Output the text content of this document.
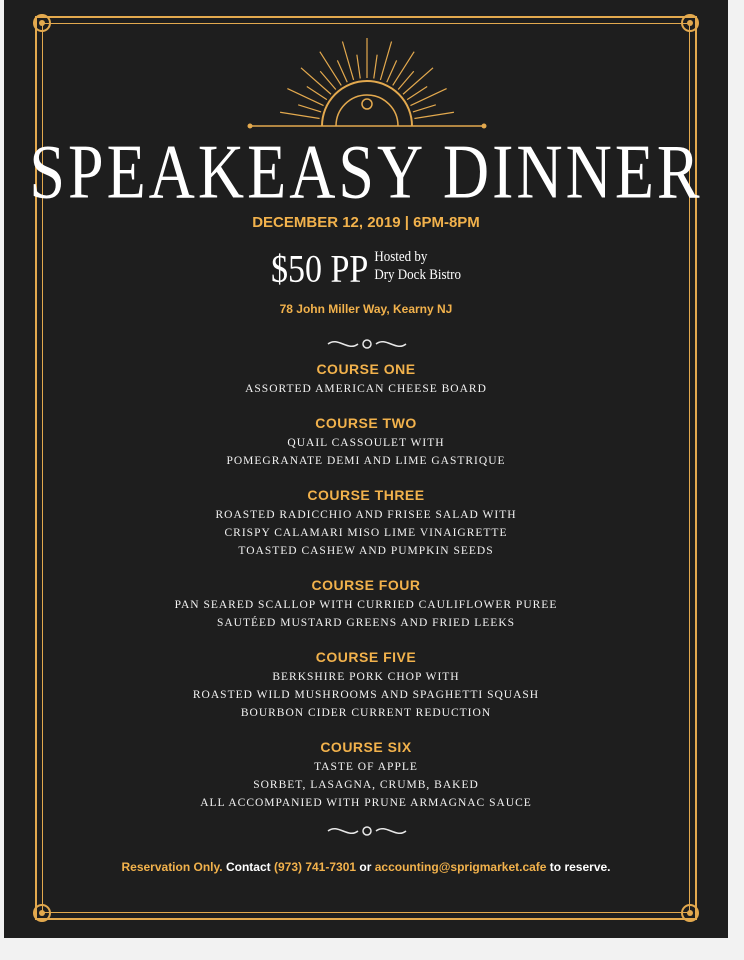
SPEAKEASY DINNER
DECEMBER 12, 2019 | 6PM-8PM
$50 PP Hosted by
Dry Dock Bistro
78 John Miller Way, Kearny NJ
COURSE ONE
ASSORTED AMERICAN CHEESE BOARD
COURSE TWO
QUAIL CASSOULET WITH
POMEGRANATE DEMI AND LIME GASTRIQUE
COURSE THREE
ROASTED RADICCHIO AND FRISEE SALAD WITH
CRISPY CALAMARI MISO LIME VINAIGRETTE
TOASTED CASHEW AND PUMPKIN SEEDS
COURSE FOUR
PAN SEARED SCALLOP WITH CURRIED CAULIFLOWER PUREE
SAUTÉED MUSTARD GREENS AND FRIED LEEKS
COURSE FIVE
BERKSHIRE PORK CHOP WITH
ROASTED WILD MUSHROOMS AND SPAGHETTI SQUASH
BOURBON CIDER CURRENT REDUCTION
COURSE SIX
TASTE OF APPLE
SORBET, LASAGNA, CRUMB, BAKED
ALL ACCOMPANIED WITH PRUNE ARMAGNAC SAUCE
Reservation Only. Contact (973) 741-7301 or accounting@sprigmarket.cafe to reserve.
